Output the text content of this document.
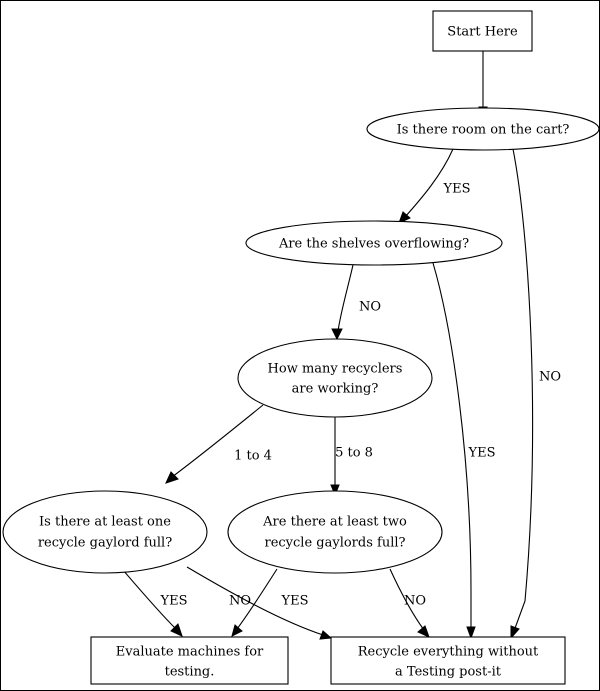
Start Here
Is there room on the cart?
Are the shelves overflowing?
How many recyclers
are working?
Is there at least one
recycle gaylord full?
Are there at least two
recycle gaylords full?
Evaluate machines for
testing.
Recycle everything without
a Testing post-it
YES
NO
NO
YES
1 to 4	5 to 8
YES	NO YES	NO
